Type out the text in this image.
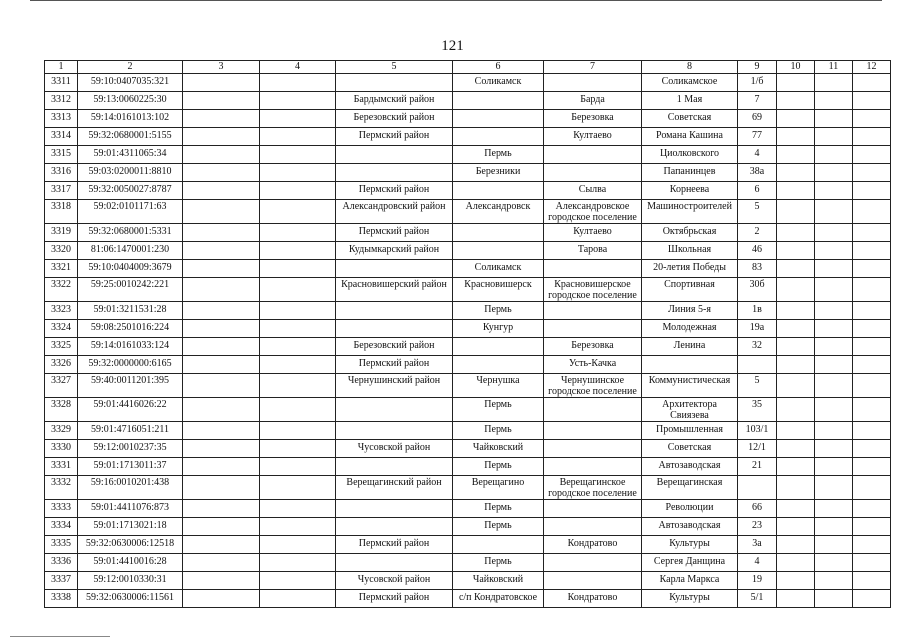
121
1	2	3	4	5	6	7	8	9	10	11	12
3311	59:10:0407035:321				Соликамск		Соликамское	1/б			
3312	59:13:0060225:30			Бардымский район		Барда	1 Мая	7			
3313	59:14:0161013:102			Березовский район		Березовка	Советская	69			
3314	59:32:0680001:5155			Пермский район		Култаево	Романа Кашина	77			
3315	59:01:4311065:34				Пермь		Циолковского	4			
3316	59:03:0200011:8810				Березники		Папанинцев	38а			
3317	59:32:0050027:8787			Пермский район		Сылва	Корнеева	6			
3318	59:02:0101171:63			Александровский район	Александровск	Александровское городское поселение	Машиностроителей	5			
3319	59:32:0680001:5331			Пермский район		Култаево	Октябрьская	2			
3320	81:06:1470001:230			Кудымкарский район		Тарова	Школьная	46			
3321	59:10:0404009:3679				Соликамск		20-летия Победы	83			
3322	59:25:0010242:221			Красновишерский район	Красновишерск	Красновишерское городское поселение	Спортивная	30б			
3323	59:01:3211531:28				Пермь		Линия 5-я	1в			
3324	59:08:2501016:224				Кунгур		Молодежная	19а			
3325	59:14:0161033:124			Березовский район		Березовка	Ленина	32			
3326	59:32:0000000:6165			Пермский район		Усть-Качка					
3327	59:40:0011201:395			Чернушинский район	Чернушка	Чернушинское городское поселение	Коммунистическая	5			
3328	59:01:4416026:22				Пермь		Архитектора Свиязева	35			
3329	59:01:4716051:211				Пермь		Промышленная	103/1			
3330	59:12:0010237:35			Чусовской район	Чайковский		Советская	12/1			
3331	59:01:1713011:37				Пермь		Автозаводская	21			
3332	59:16:0010201:438			Верещагинский район	Верещагино	Верещагинское городское поселение	Верещагинская				
3333	59:01:4411076:873				Пермь		Революции	66			
3334	59:01:1713021:18				Пермь		Автозаводская	23			
3335	59:32:0630006:12518			Пермский район		Кондратово	Культуры	3а			
3336	59:01:4410016:28				Пермь		Сергея Данщина	4			
3337	59:12:0010330:31			Чусовской район	Чайковский		Карла Маркса	19			
3338	59:32:0630006:11561			Пермский район	с/п Кондратовское	Кондратово	Культуры	5/1			
